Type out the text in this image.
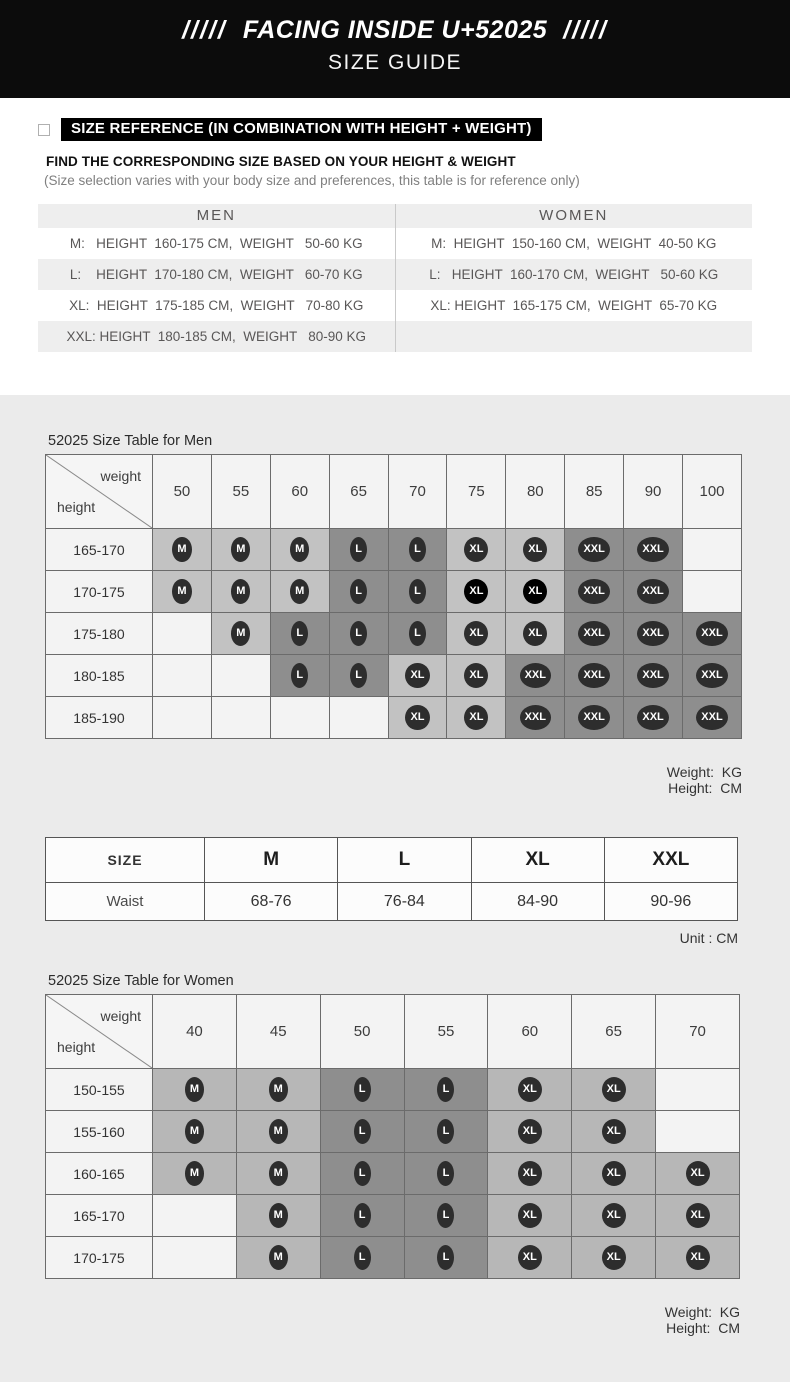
///// FACING INSIDE U+52025 /////
SIZE GUIDE
SIZE REFERENCE (IN COMBINATION WITH HEIGHT + WEIGHT)
FIND THE CORRESPONDING SIZE BASED ON YOUR HEIGHT & WEIGHT
(Size selection varies with your body size and preferences, this table is for reference only)
MEN
M:   HEIGHT  160-175 CM,  WEIGHT   50-60 KG
L:    HEIGHT  170-180 CM,  WEIGHT   60-70 KG
XL:  HEIGHT  175-185 CM,  WEIGHT   70-80 KG
XXL: HEIGHT  180-185 CM,  WEIGHT   80-90 KG
WOMEN
M:  HEIGHT  150-160 CM,  WEIGHT  40-50 KG
L:   HEIGHT  160-170 CM,  WEIGHT   50-60 KG
XL: HEIGHT  165-175 CM,  WEIGHT  65-70 KG
52025 Size Table for Men
weight
height	50	55	60	65	70	75	80	85	90	100
165-170	M	M	M	L	L	XL	XL	XXL	XXL	
170-175	M	M	M	L	L	XL	XL	XXL	XXL	
175-180		M	L	L	L	XL	XL	XXL	XXL	XXL
180-185			L	L	XL	XL	XXL	XXL	XXL	XXL
185-190					XL	XL	XXL	XXL	XXL	XXL

Weight:  KG
Height:  CM

SIZE	M	L	XL	XXL
Waist	68-76	76-84	84-90	90-96
Unit : CM
52025 Size Table for Women
weight
height	40	45	50	55	60	65	70
150-155	M	M	L	L	XL	XL	
155-160	M	M	L	L	XL	XL	
160-165	M	M	L	L	XL	XL	XL
165-170		M	L	L	XL	XL	XL
170-175		M	L	L	XL	XL	XL

Weight:  KG
Height:  CM
